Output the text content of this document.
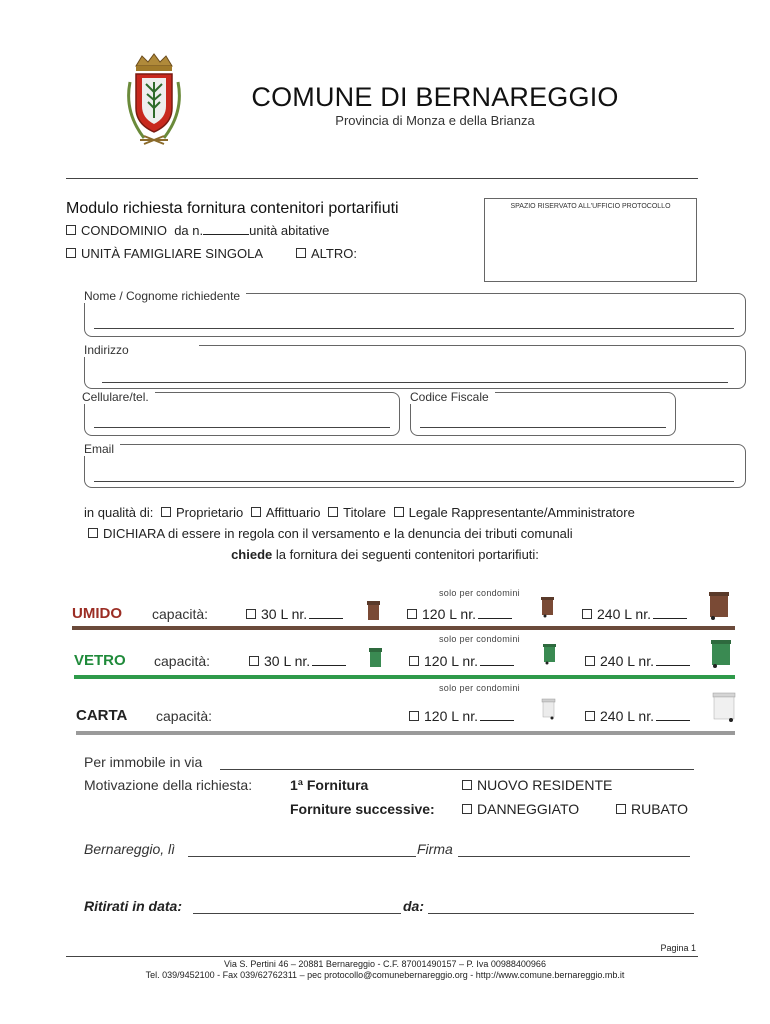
COMUNE DI BERNAREGGIO
Provincia di Monza e della Brianza
Modulo richiesta fornitura contenitori portarifiuti	SPAZIO RISERVATO ALL'UFFICIO PROTOCOLLO
CONDOMINIO da n.	unità abitative
UNITÀ FAMIGLIARE SINGOLA	ALTRO:
Nome / Cognome richiedente
Indirizzo
Cellulare/tel.	Codice Fiscale
Email
in qualità di: Proprietario Affittuario Titolare Legale Rappresentante/Amministratore
DICHIARA di essere in regola con il versamento e la denuncia dei tributi comunali
chiede la fornitura dei seguenti contenitori portarifiuti:
solo per condomini
UMIDO capacità:	30 L nr.	120 L nr.	240 L nr.
solo per condomini
VETRO capacità:	30 L nr.	120 L nr.	240 L nr.
solo per condomini
CARTA capacità:	120 L nr.	240 L nr.
Per immobile in via
Motivazione della richiesta:	1ª Fornitura	NUOVO RESIDENTE
Forniture successive:	DANNEGGIATO	RUBATO
Bernareggio, lì	Firma
Ritirati in data:	da:
Pagina 1
Via S. Pertini 46 – 20881 Bernareggio - C.F. 87001490157 – P. Iva 00988400966
Tel. 039/9452100 - Fax 039/62762311 – pec protocollo@comunebernareggio.org - http://www.comune.bernareggio.mb.it
